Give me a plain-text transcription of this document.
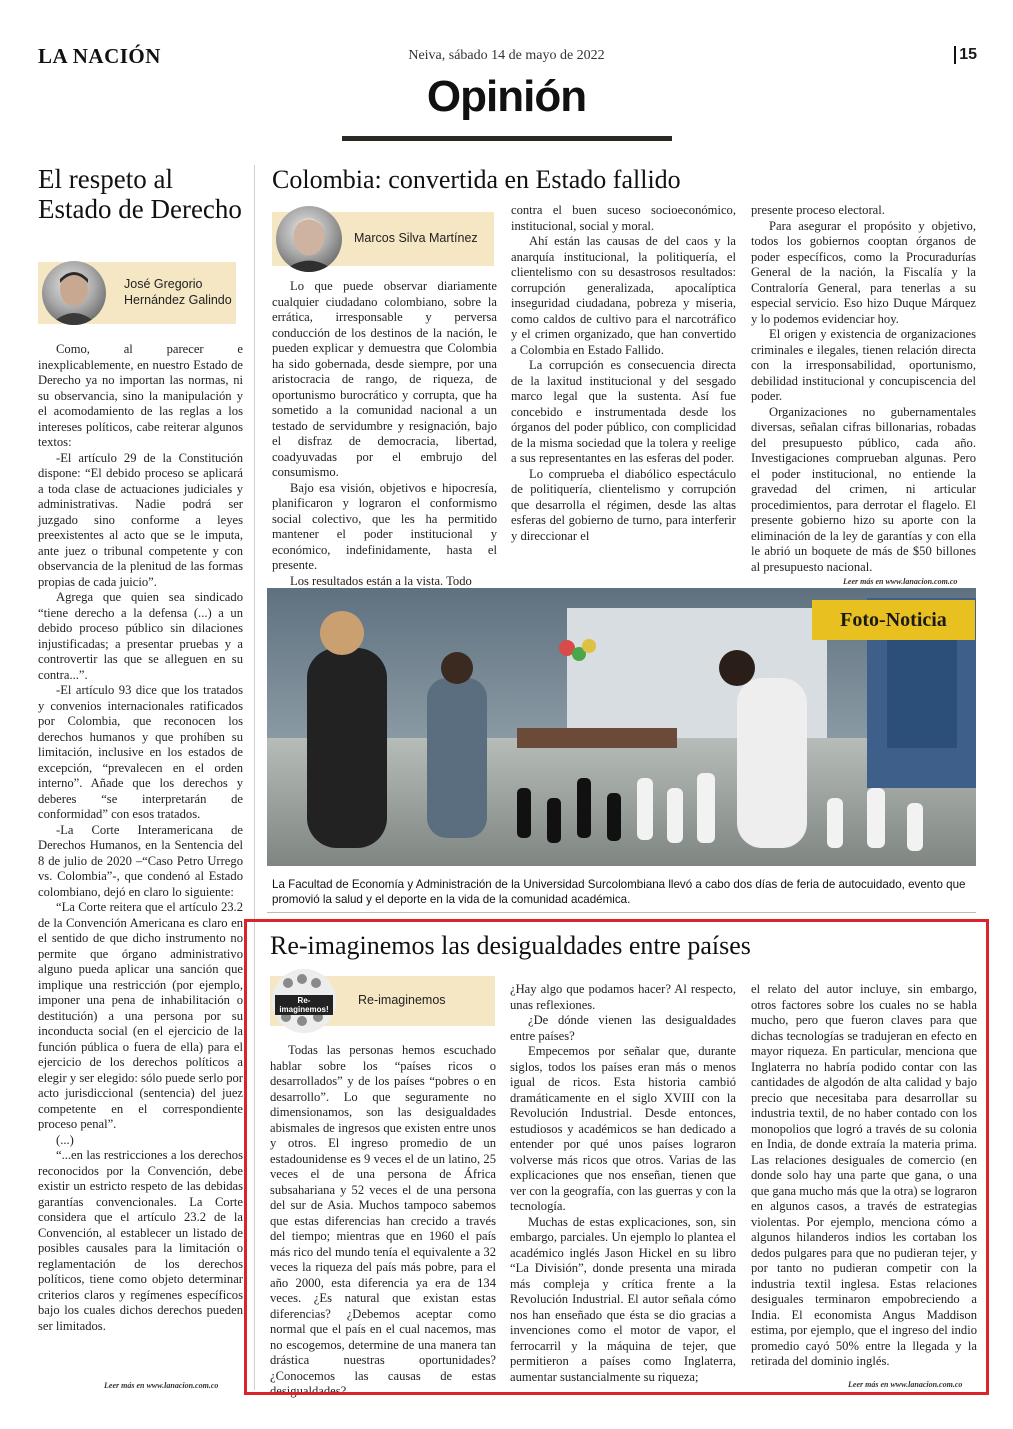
LA NACIÓN	Neiva, sábado 14 de mayo de 2022	15
Opinión
El respeto al Estado de Derecho
José Gregorio Hernández Galindo

Como, al parecer e inexplicablemente, en nuestro Estado de Derecho ya no importan las normas, ni su observancia, sino la manipulación y el acomodamiento de las reglas a los intereses políticos, cabe reiterar algunos textos:

-El artículo 29 de la Constitución dispone: “El debido proceso se aplicará a toda clase de actuaciones judiciales y administrativas. Nadie podrá ser juzgado sino conforme a leyes preexistentes al acto que se le imputa, ante juez o tribunal competente y con observancia de la plenitud de las formas propias de cada juicio”.

Agrega que quien sea sindicado “tiene derecho a la defensa (...) a un debido proceso público sin dilaciones injustificadas; a presentar pruebas y a controvertir las que se alleguen en su contra...”.

-El artículo 93 dice que los tratados y convenios internacionales ratificados por Colombia, que reconocen los derechos humanos y que prohíben su limitación, inclusive en los estados de excepción, “prevalecen en el orden interno”. Añade que los derechos y deberes “se interpretarán de conformidad” con esos tratados.

-La Corte Interamericana de Derechos Humanos, en la Sentencia del 8 de julio de 2020 –“Caso Petro Urrego vs. Colombia”-, que condenó al Estado colombiano, dejó en claro lo siguiente:

“La Corte reitera que el artículo 23.2 de la Convención Americana es claro en el sentido de que dicho instrumento no permite que órgano administrativo alguno pueda aplicar una sanción que implique una restricción (por ejemplo, imponer una pena de inhabilitación o destitución) a una persona por su inconducta social (en el ejercicio de la función pública o fuera de ella) para el ejercicio de los derechos políticos a elegir y ser elegido: sólo puede serlo por acto jurisdiccional (sentencia) del juez competente en el correspondiente proceso penal”.

(...)

“...en las restricciones a los derechos reconocidos por la Convención, debe existir un estricto respeto de las debidas garantías convencionales. La Corte considera que el artículo 23.2 de la Convención, al establecer un listado de posibles causales para la limitación o reglamentación de los derechos políticos, tiene como objeto determinar criterios claros y regímenes específicos bajo los cuales dichos derechos pueden ser limitados.

Leer más en www.lanacion.com.co
Colombia: convertida en Estado fallido
Marcos Silva Martínez

Lo que puede observar diariamente cualquier ciudadano colombiano, sobre la errática, irresponsable y perversa conducción de los destinos de la nación, le pueden explicar y demuestra que Colombia ha sido gobernada, desde siempre, por una aristocracia de rango, de riqueza, de oportunismo burocrático y corrupta, que ha sometido a la comunidad nacional a un testado de servidumbre y resignación, bajo el disfraz de democracia, libertad, coadyuvadas por el embrujo del consumismo.

Bajo esa visión, objetivos e hipocresía, planificaron y lograron el conformismo social colectivo, que les ha permitido mantener el poder institucional y económico, indefinidamente, hasta el presente.

Los resultados están a la vista. Todo

contra el buen suceso socioeconómico, institucional, social y moral.

Ahí están las causas de del caos y la anarquía institucional, la politiquería, el clientelismo con su desastrosos resultados: corrupción generalizada, apocalíptica inseguridad ciudadana, pobreza y miseria, como caldos de cultivo para el narcotráfico y el crimen organizado, que han convertido a Colombia en Estado Fallido.

La corrupción es consecuencia directa de la laxitud institucional y del sesgado marco legal que la sustenta. Así fue concebido e instrumentada desde los órganos del poder público, con complicidad de la misma sociedad que la tolera y reelige a sus representantes en las esferas del poder.

Lo comprueba el diabólico espectáculo de politiquería, clientelismo y corrupción que desarrolla el régimen, desde las altas esferas del gobierno de turno, para interferir y direccionar el

presente proceso electoral.

Para asegurar el propósito y objetivo, todos los gobiernos cooptan órganos de poder específicos, como la Procuradurías General de la nación, la Fiscalía y la Contraloría General, para tenerlas a su especial servicio. Eso hizo Duque Márquez y lo podemos evidenciar hoy.

El origen y existencia de organizaciones criminales e ilegales, tienen relación directa con la irresponsabilidad, oportunismo, debilidad institucional y concupiscencia del poder.

Organizaciones no gubernamentales diversas, señalan cifras billonarias, robadas del presupuesto público, cada año. Investigaciones comprueban algunas. Pero el poder institucional, no entiende la gravedad del crimen, ni articular procedimientos, para derrotar el flagelo. El presente gobierno hizo su aporte con la eliminación de la ley de garantías y con ella le abrió un boquete de más de $50 billones al presupuesto nacional.

Leer más en www.lanacion.com.co
Foto-Noticia
La Facultad de Economía y Administración de la Universidad Surcolombiana llevó a cabo dos días de feria de autocuidado, evento que promovió la salud y el deporte en la vida de la comunidad académica.
Re-imaginemos las desigualdades entre países
Re-imaginemos!
Re-imaginemos

Todas las personas hemos escuchado hablar sobre los “países ricos o desarrollados” y de los países “pobres o en desarrollo”. Lo que seguramente no dimensionamos, son las desigualdades abismales de ingresos que existen entre unos y otros. El ingreso promedio de un estadounidense es 9 veces el de un latino, 25 veces el de una persona de África subsahariana y 52 veces el de una persona del sur de Asia. Muchos tampoco sabemos que estas diferencias han crecido a través del tiempo; mientras que en 1960 el país más rico del mundo tenía el equivalente a 32 veces la riqueza del país más pobre, para el año 2000, esta diferencia ya era de 134 veces. ¿Es natural que existan estas diferencias? ¿Debemos aceptar como normal que el país en el cual nacemos, mas no escogemos, determine de una manera tan drástica nuestras oportunidades? ¿Conocemos las causas de estas desigualdades?

¿Hay algo que podamos hacer? Al respecto, unas reflexiones.

¿De dónde vienen las desigualdades entre países?

Empecemos por señalar que, durante siglos, todos los países eran más o menos igual de ricos. Esta historia cambió dramáticamente en el siglo XVIII con la Revolución Industrial. Desde entonces, estudiosos y académicos se han dedicado a entender por qué unos países lograron volverse más ricos que otros. Varias de las explicaciones que nos enseñan, tienen que ver con la geografía, con las guerras y con la tecnología.

Muchas de estas explicaciones, son, sin embargo, parciales. Un ejemplo lo plantea el académico inglés Jason Hickel en su libro “La División”, donde presenta una mirada más compleja y crítica frente a la Revolución Industrial. El autor señala cómo nos han enseñado que ésta se dio gracias a invenciones como el motor de vapor, el ferrocarril y la máquina de tejer, que permitieron a países como Inglaterra, aumentar sustancialmente su riqueza;

el relato del autor incluye, sin embargo, otros factores sobre los cuales no se habla mucho, pero que fueron claves para que dichas tecnologías se tradujeran en efecto en mayor riqueza. En particular, menciona que Inglaterra no habría podido contar con las cantidades de algodón de alta calidad y bajo precio que necesitaba para desarrollar su industria textil, de no haber contado con los monopolios que logró a través de su colonia en India, de donde extraía la materia prima. Las relaciones desiguales de comercio (en donde solo hay una parte que gana, o una que gana mucho más que la otra) se lograron en algunos casos, a través de estrategias violentas. Por ejemplo, menciona cómo a algunos hilanderos indios les cortaban los dedos pulgares para que no pudieran tejer, y por tanto no pudieran competir con la industria textil inglesa. Estas relaciones desiguales terminaron empobreciendo a India. El economista Angus Maddison estima, por ejemplo, que el ingreso del indio promedio cayó 50% entre la llegada y la retirada del dominio inglés.

Leer más en www.lanacion.com.co
